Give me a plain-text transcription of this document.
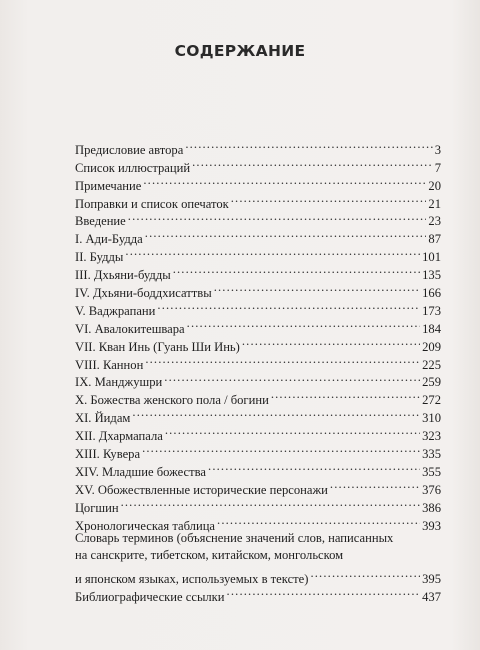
СОДЕРЖАНИЕ
Предисловие автора . . .	3
Список иллюстраций . . .	7
Примечание . . .	20
Поправки и список опечаток . . .	21
Введение . . .	23
I. Ади-Будда . . .	87
II. Будды . . .	101
III. Дхьяни-будды . . .	135
IV. Дхьяни-боддхисаттвы . . .	166
V. Ваджрапани . . .	173
VI. Авалокитешвара . . .	184
VII. Кван Инь (Гуань Ши Инь) . . .	209
VIII. Каннон . . .	225
IX. Манджушри . . .	259
X. Божества женского пола / богини . . .	272
XI. Йидам . . .	310
XII. Дхармапала . . .	323
XIII. Кувера . . .	335
XIV. Младшие божества . . .	355
XV. Обожествленные исторические персонажи . . .	376
Цогшин . . .	386
Хронологическая таблица . . .	393
Словарь терминов (объяснение значений слов, написанных
на санскрите, тибетском, китайском, монгольском
и японском языках, используемых в тексте) . . .	395
Библиографические ссылки . . .	437
